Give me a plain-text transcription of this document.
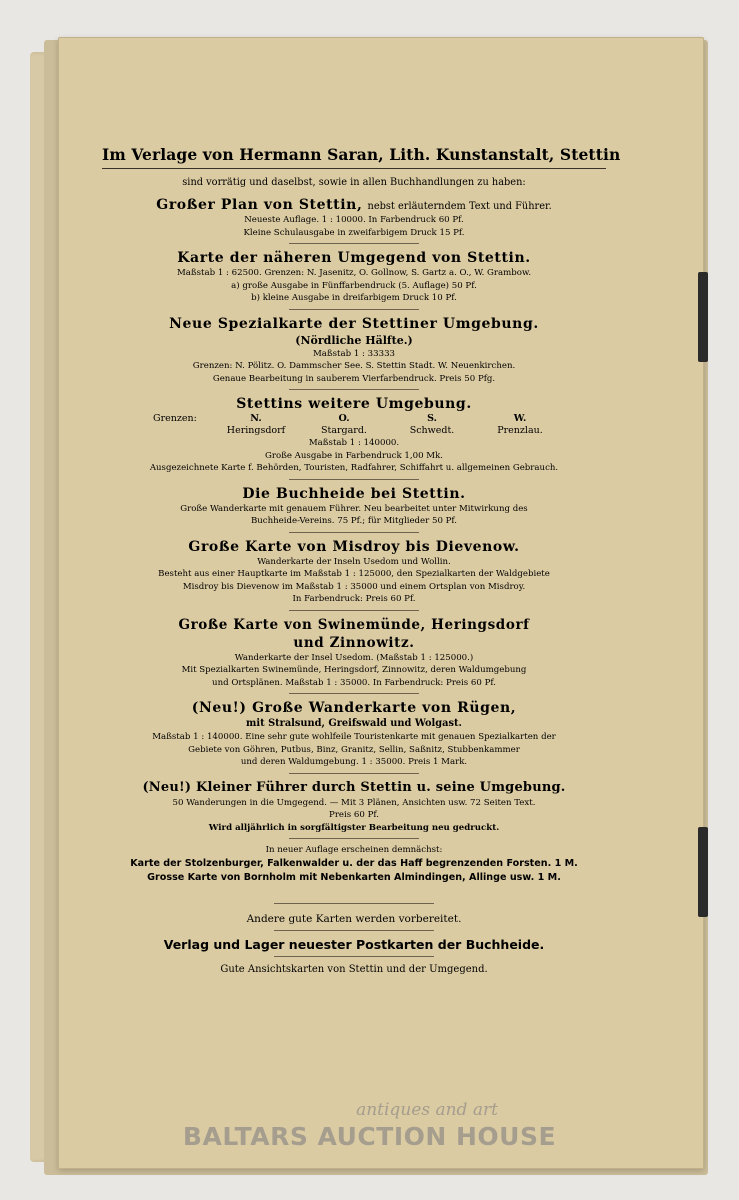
Im Verlage von Hermann Saran, Lith. Kunstanstalt, Stettin
sind vorrätig und daselbst, sowie in allen Buchhandlungen zu haben:
Großer Plan von Stettin, nebst erläuterndem Text und Führer.
Neueste Auflage. 1 : 10000. In Farbendruck 60 Pf.
Kleine Schulausgabe in zweifarbigem Druck 15 Pf.
Karte der näheren Umgegend von Stettin.
Maßstab 1 : 62500. Grenzen: N. Jasenitz, O. Gollnow, S. Gartz a. O., W. Grambow.
a) große Ausgabe in Fünffarbendruck (5. Auflage) 50 Pf.
b) kleine Ausgabe in dreifarbigem Druck 10 Pf.
Neue Spezialkarte der Stettiner Umgebung.
(Nördliche Hälfte.)
Maßstab 1 : 33333
Grenzen: N. Pölitz. O. Dammscher See. S. Stettin Stadt. W. Neuenkirchen.
Genaue Bearbeitung in sauberem Vierfarbendruck. Preis 50 Pfg.
Stettins weitere Umgebung.
Grenzen:	N.
Heringsdorf
O.
Stargard.
S.
Schwedt.
W.
Prenzlau.
Maßstab 1 : 140000.
Große Ausgabe in Farbendruck 1,00 Mk.
Ausgezeichnete Karte f. Behörden, Touristen, Radfahrer, Schiffahrt u. allgemeinen Gebrauch.
Die Buchheide bei Stettin.
Große Wanderkarte mit genauem Führer. Neu bearbeitet unter Mitwirkung des
Buchheide-Vereins. 75 Pf.; für Mitglieder 50 Pf.
Große Karte von Misdroy bis Dievenow.
Wanderkarte der Inseln Usedom und Wollin.
Besteht aus einer Hauptkarte im Maßstab 1 : 125000, den Spezialkarten der Waldgebiete
Misdroy bis Dievenow im Maßstab 1 : 35000 und einem Ortsplan von Misdroy.
In Farbendruck: Preis 60 Pf.
Große Karte von Swinemünde, Heringsdorf
und Zinnowitz.
Wanderkarte der Insel Usedom. (Maßstab 1 : 125000.)
Mit Spezialkarten Swinemünde, Heringsdorf, Zinnowitz, deren Waldumgebung
und Ortsplänen. Maßstab 1 : 35000. In Farbendruck: Preis 60 Pf.
(Neu!) Große Wanderkarte von Rügen,
mit Stralsund, Greifswald und Wolgast.
Maßstab 1 : 140000. Eine sehr gute wohlfeile Touristenkarte mit genauen Spezialkarten der
Gebiete von Göhren, Putbus, Binz, Granitz, Sellin, Saßnitz, Stubbenkammer
und deren Waldumgebung. 1 : 35000. Preis 1 Mark.
(Neu!) Kleiner Führer durch Stettin u. seine Umgebung.
50 Wanderungen in die Umgegend. — Mit 3 Plänen, Ansichten usw. 72 Seiten Text.
Preis 60 Pf.
Wird alljährlich in sorgfältigster Bearbeitung neu gedruckt.
In neuer Auflage erscheinen demnächst:
Karte der Stolzenburger, Falkenwalder u. der das Haff begrenzenden Forsten. 1 M.
Grosse Karte von Bornholm mit Nebenkarten Almindingen, Allinge usw. 1 M.
Andere gute Karten werden vorbereitet.
Verlag und Lager neuester Postkarten der Buchheide.
Gute Ansichtskarten von Stettin und der Umgegend.
antiques and art
BALTARS AUCTION HOUSE
